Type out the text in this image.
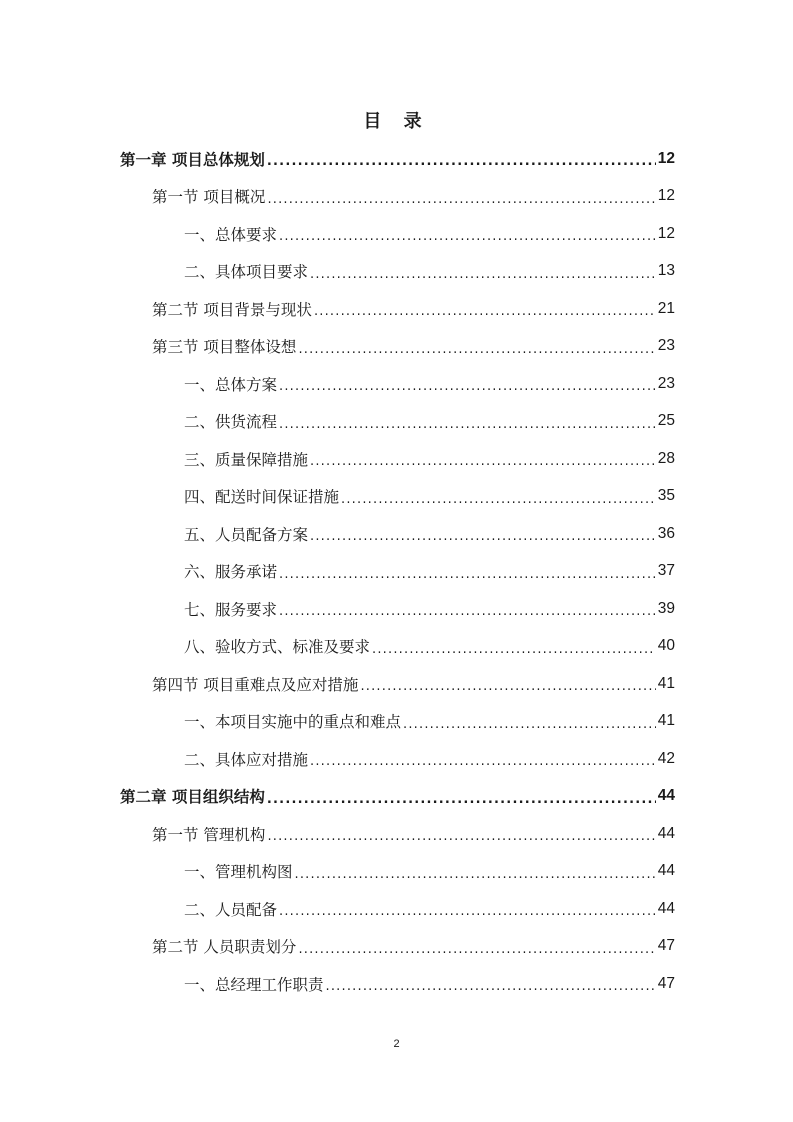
目 录
第一章 项目总体规划 .....	12
第一节 项目概况 .....	12
一、总体要求 .....	12
二、具体项目要求 .....	13
第二节 项目背景与现状 .....	21
第三节 项目整体设想 .....	23
一、总体方案 .....	23
二、供货流程 .....	25
三、质量保障措施 .....	28
四、配送时间保证措施 .....	35
五、人员配备方案 .....	36
六、服务承诺 .....	37
七、服务要求 .....	39
八、验收方式、标准及要求 .....	40
第四节 项目重难点及应对措施 .....	41
一、本项目实施中的重点和难点 .....	41
二、具体应对措施 .....	42
第二章 项目组织结构 .....	44
第一节 管理机构 .....	44
一、管理机构图 .....	44
二、人员配备 .....	44
第二节 人员职责划分 .....	47
一、总经理工作职责 .....	47
2
